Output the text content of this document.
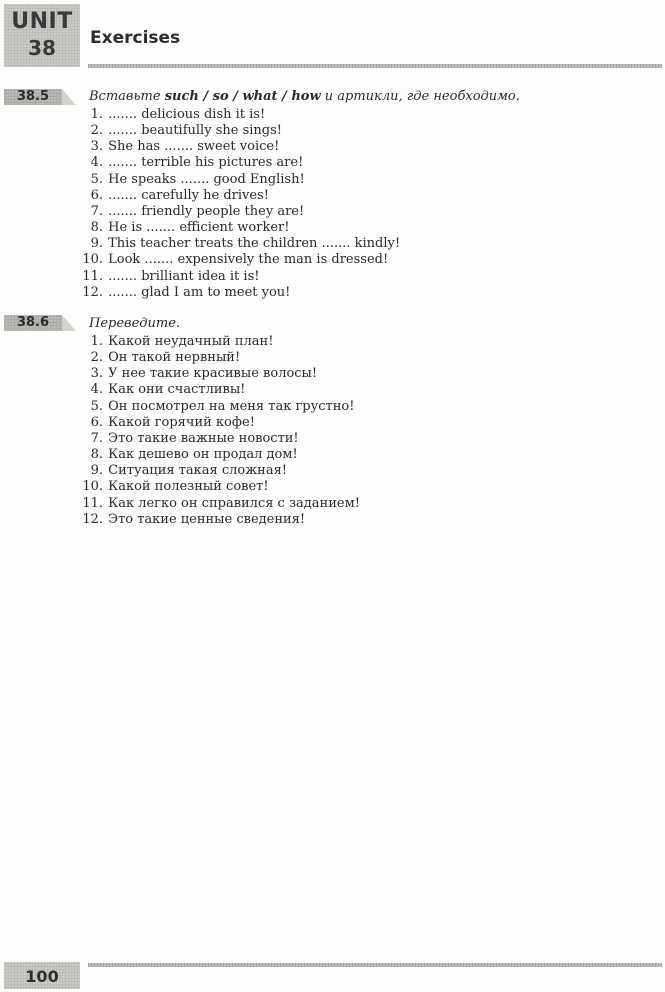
UNIT
38	Exercises
38.5	Вставьте such / so / what / how и артикли, где необходимо.
1. ....... delicious dish it is!
2. ....... beautifully she sings!
3. She has ....... sweet voice!
4. ....... terrible his pictures are!
5. He speaks ....... good English!
6. ....... carefully he drives!
7. ....... friendly people they are!
8. He is ....... efficient worker!
9. This teacher treats the children ....... kindly!
10. Look ....... expensively the man is dressed!
11. ....... brilliant idea it is!
12. ....... glad I am to meet you!
38.6	Переведите.
1. Какой неудачный план!
2. Он такой нервный!
3. У нее такие красивые волосы!
4. Как они счастливы!
5. Он посмотрел на меня так грустно!
6. Какой горячий кофе!
7. Это такие важные новости!
8. Как дешево он продал дом!
9. Ситуация такая сложная!
10. Какой полезный совет!
11. Как легко он справился с заданием!
12. Это такие ценные сведения!
100
